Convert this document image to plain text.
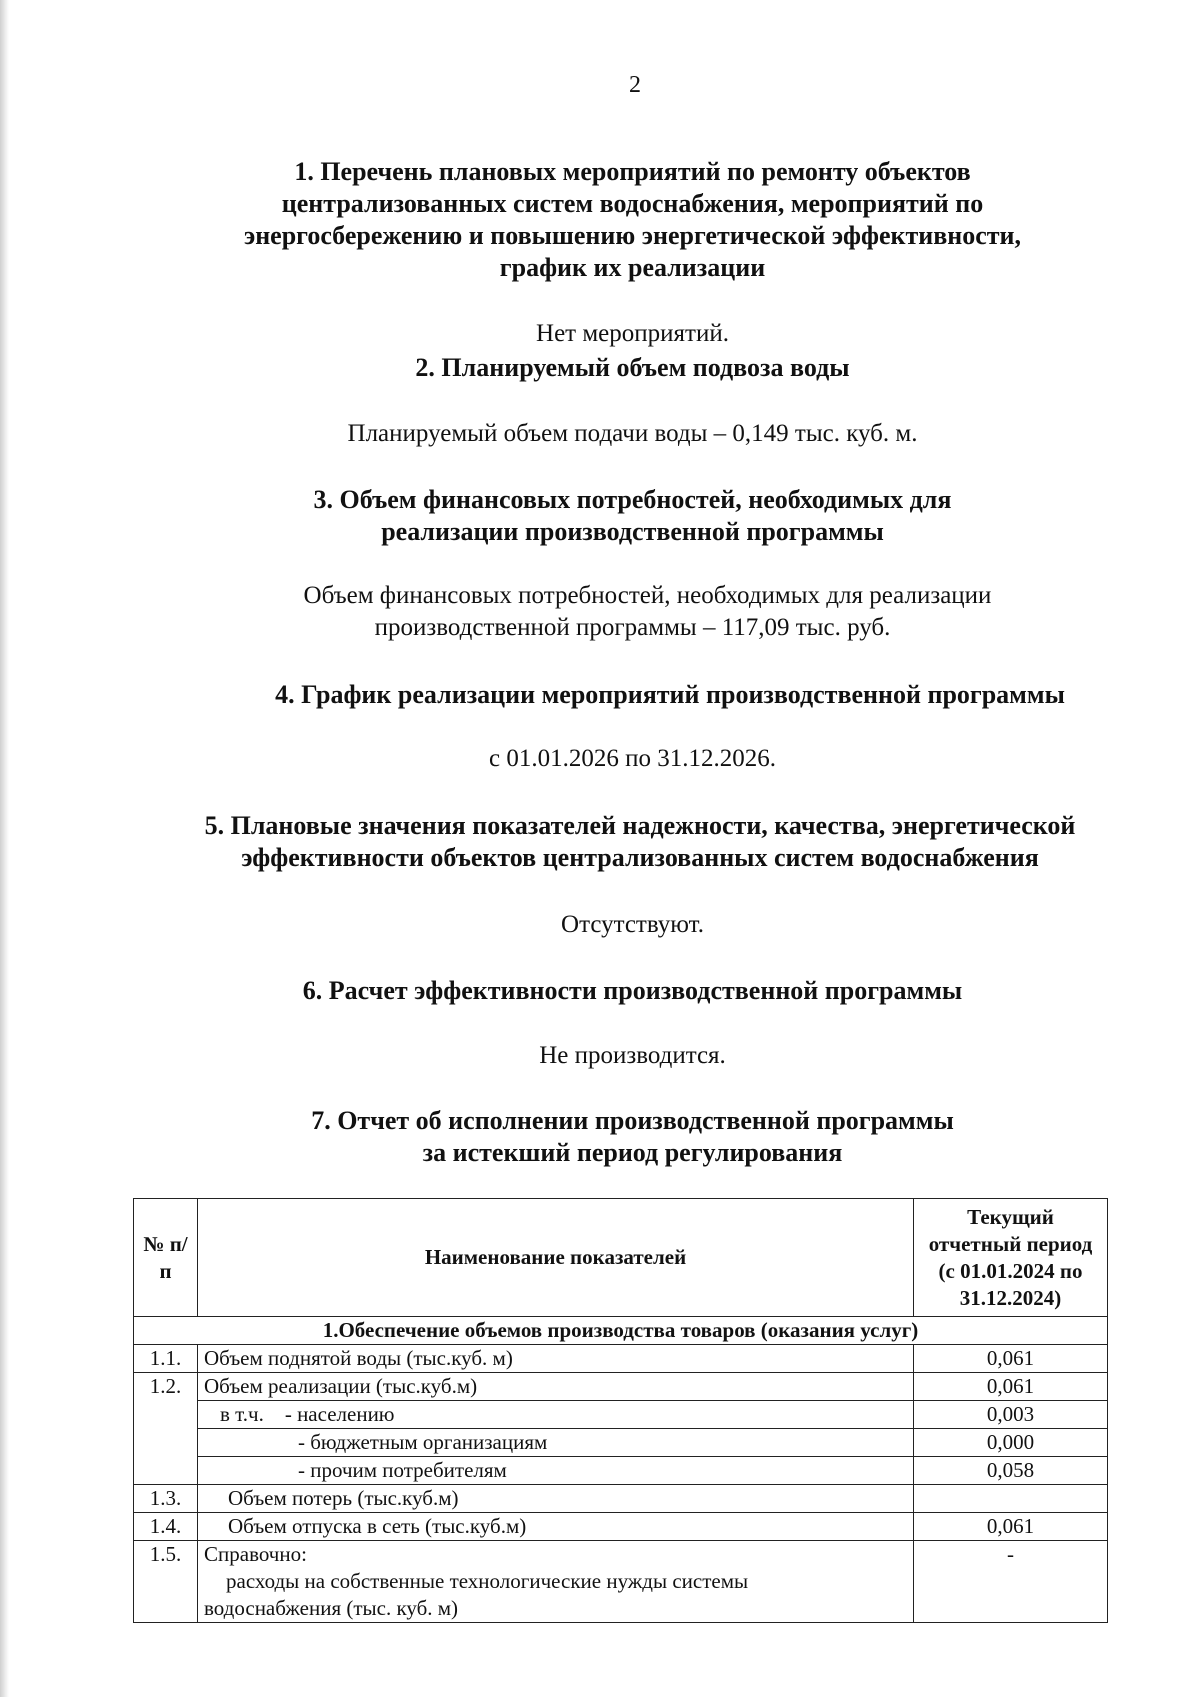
2
1. Перечень плановых мероприятий по ремонту объектов
централизованных систем водоснабжения, мероприятий по
энергосбережению и повышению энергетической эффективности,
график их реализации
Нет мероприятий.
2. Планируемый объем подвоза воды
Планируемый объем подачи воды – 0,149 тыс. куб. м.
3. Объем финансовых потребностей, необходимых для
реализации производственной программы
Объем финансовых потребностей, необходимых для реализации
производственной программы – 117,09 тыс. руб.
4. График реализации мероприятий производственной программы
с 01.01.2026 по 31.12.2026.
5. Плановые значения показателей надежности, качества, энергетической
эффективности объектов централизованных систем водоснабжения
Отсутствуют.
6. Расчет эффективности производственной программы
Не производится.
7. Отчет об исполнении производственной программы
за истекший период регулирования
№ п/п	Наименование показателей	Текущий отчетный период (с 01.01.2024 по 31.12.2024)
1.Обеспечение объемов производства товаров (оказания услуг)		
1.1.	Объем поднятой воды (тыс.куб. м)	0,061
1.2.	Объем реализации (тыс.куб.м)	0,061
	в т.ч.    - населению	0,003
	- бюджетным организациям	0,000
	- прочим потребителям	0,058
1.3.	Объем потерь (тыс.куб.м)	
1.4.	Объем отпуска в сеть (тыс.куб.м)	0,061
1.5.	Справочно:
расходы на собственные технологические нужды системы
водоснабжения (тыс. куб. м)	-
